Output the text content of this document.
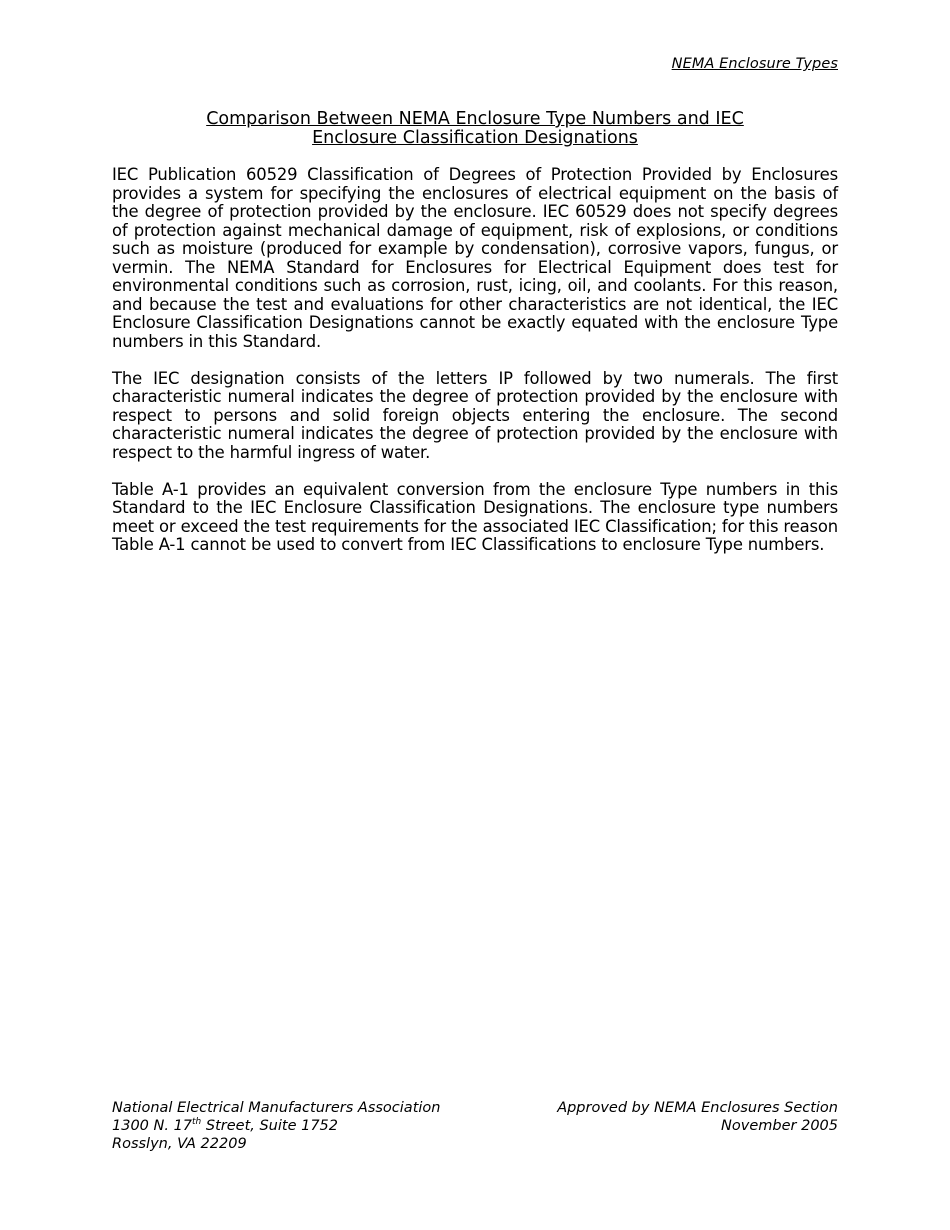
NEMA Enclosure Types
Comparison Between NEMA Enclosure Type Numbers and IEC
Enclosure Classification Designations

IEC Publication 60529 Classification of Degrees of Protection Provided by Enclosures provides a system for specifying the enclosures of electrical equipment on the basis of the degree of protection provided by the enclosure. IEC 60529 does not specify degrees of protection against mechanical damage of equipment, risk of explosions, or conditions such as moisture (produced for example by condensation), corrosive vapors, fungus, or vermin. The NEMA Standard for Enclosures for Electrical Equipment does test for environmental conditions such as corrosion, rust, icing, oil, and coolants. For this reason, and because the test and evaluations for other characteristics are not identical, the IEC Enclosure Classification Designations cannot be exactly equated with the enclosure Type numbers in this Standard.

The IEC designation consists of the letters IP followed by two numerals. The first characteristic numeral indicates the degree of protection provided by the enclosure with respect to persons and solid foreign objects entering the enclosure. The second characteristic numeral indicates the degree of protection provided by the enclosure with respect to the harmful ingress of water.

Table A-1 provides an equivalent conversion from the enclosure Type numbers in this Standard to the IEC Enclosure Classification Designations. The enclosure type numbers meet or exceed the test requirements for the associated IEC Classification; for this reason Table A-1 cannot be used to convert from IEC Classifications to enclosure Type numbers.

National Electrical Manufacturers Association
1300 N. 17th Street, Suite 1752
Rosslyn, VA 22209
Approved by NEMA Enclosures Section
November 2005
